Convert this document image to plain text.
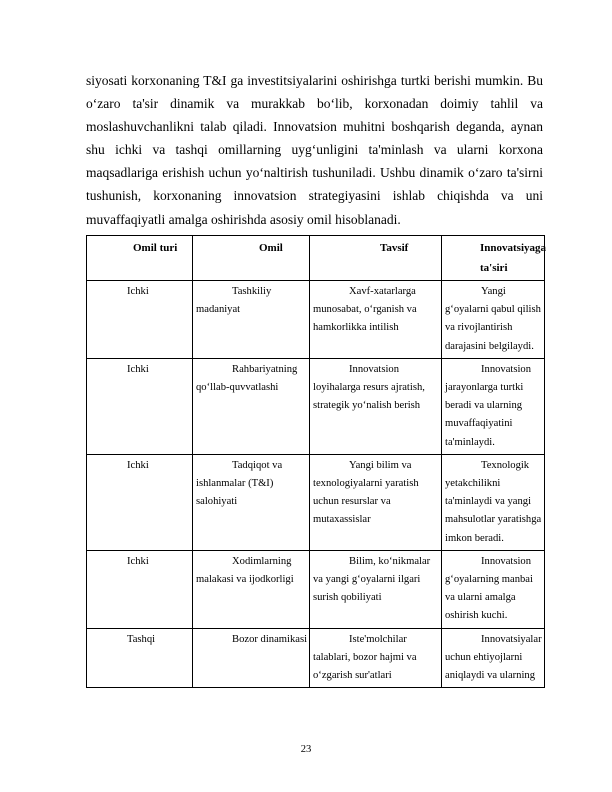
siyosati korxonaning T&I ga investitsiyalarini oshirishga turtki berishi mumkin. Bu o‘zaro ta'sir dinamik va murakkab bo‘lib, korxonadan doimiy tahlil va moslashuvchanlikni talab qiladi. Innovatsion muhitni boshqarish deganda, aynan shu ichki va tashqi omillarning uyg‘unligini ta'minlash va ularni korxona maqsadlariga erishish uchun yo‘naltirish tushuniladi. Ushbu dinamik o‘zaro ta'sirni tushunish, korxonaning innovatsion strategiyasini ishlab chiqishda va uni muvaffaqiyatli amalga oshirishda asosiy omil hisoblanadi.

Omil turi	Omil	Tavsif	Innovatsiyaga ta'siri
Ichki	Tashkiliy madaniyat	Xavf-xatarlarga munosabat, o‘rganish va hamkorlikka intilish	Yangi g‘oyalarni qabul qilish va rivojlantirish darajasini belgilaydi.
Ichki	Rahbariyatning qo‘llab-quvvatlashi	Innovatsion loyihalarga resurs ajratish, strategik yo‘nalish berish	Innovatsion jarayonlarga turtki beradi va ularning muvaffaqiyatini ta'minlaydi.
Ichki	Tadqiqot va ishlanmalar (T&I) salohiyati	Yangi bilim va texnologiyalarni yaratish uchun resurslar va mutaxassislar	Texnologik yetakchilikni ta'minlaydi va yangi mahsulotlar yaratishga imkon beradi.
Ichki	Xodimlarning malakasi va ijodkorligi	Bilim, ko‘nikmalar va yangi g‘oyalarni ilgari surish qobiliyati	Innovatsion g‘oyalarning manbai va ularni amalga oshirish kuchi.
Tashqi	Bozor dinamikasi	Iste'molchilar talablari, bozor hajmi va o‘zgarish sur'atlari	Innovatsiyalar uchun ehtiyojlarni aniqlaydi va ularning
23
